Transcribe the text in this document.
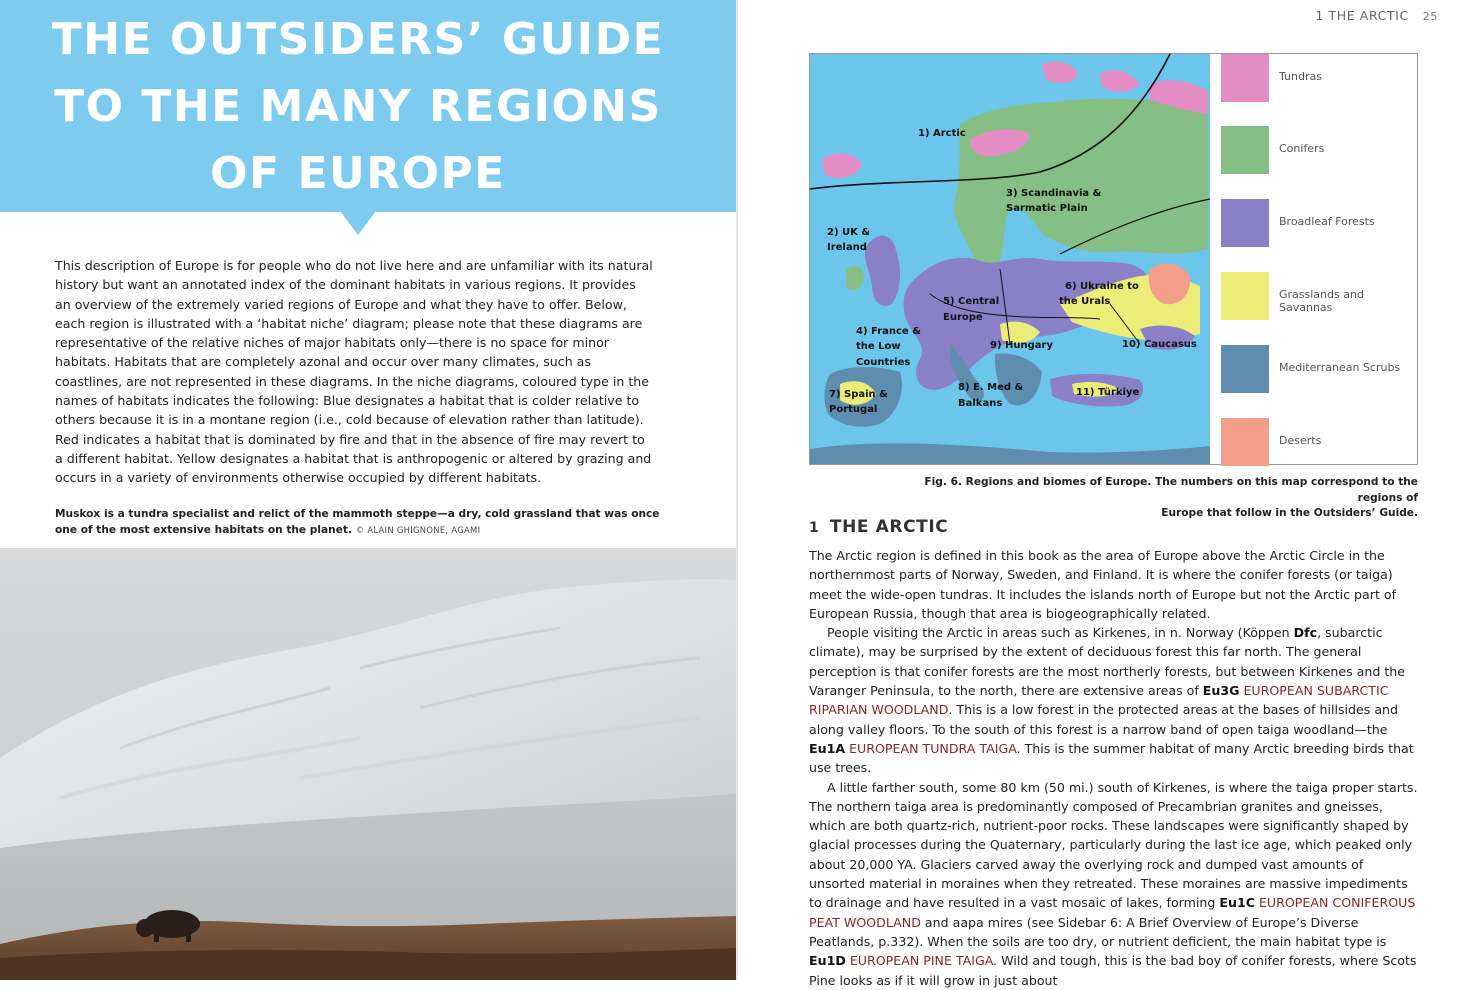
THE OUTSIDERS’ GUIDE
TO THE MANY REGIONS
OF EUROPE

This description of Europe is for people who do not live here and are unfamiliar with its natural history but want an annotated index of the dominant habitats in various regions. It provides an overview of the extremely varied regions of Europe and what they have to offer. Below, each region is illustrated with a ‘habitat niche’ diagram; please note that these diagrams are representative of the relative niches of major habitats only—there is no space for minor habitats. Habitats that are completely azonal and occur over many climates, such as coastlines, are not represented in these diagrams. In the niche diagrams, coloured type in the names of habitats indicates the following: Blue designates a habitat that is colder relative to others because it is in a montane region (i.e., cold because of elevation rather than latitude). Red indicates a habitat that is dominated by fire and that in the absence of fire may revert to a different habitat. Yellow designates a habitat that is anthropogenic or altered by grazing and occurs in a variety of environments otherwise occupied by different habitats.

Muskox is a tundra specialist and relict of the mammoth steppe—a dry, cold grassland that was once one of the most extensive habitats on the planet. © ALAIN GHIGNONE, AGAMI

1 THE ARCTIC 25
1) Arctic
3) Scandinavia &
Sarmatic Plain
2) UK &
Ireland
6) Ukraine to
the Urals
5) Central
Europe
4) France &
the Low
Countries
9) Hungary	10) Caucasus
7) Spain &
Portugal
8) E. Med &
Balkans
11) Türkiye
Tundras
Conifers
Broadleaf Forests
Grasslands and Savannas
Mediterranean Scrubs
Deserts

Fig. 6. Regions and biomes of Europe. The numbers on this map correspond to the regions of
Europe that follow in the Outsiders’ Guide.

1 THE ARCTIC

The Arctic region is defined in this book as the area of Europe above the Arctic Circle in the northernmost parts of Norway, Sweden, and Finland. It is where the conifer forests (or taiga) meet the wide-open tundras. It includes the islands north of Europe but not the Arctic part of European Russia, though that area is biogeographically related.

People visiting the Arctic in areas such as Kirkenes, in n. Norway (Köppen Dfc, subarctic climate), may be surprised by the extent of deciduous forest this far north. The general perception is that conifer forests are the most northerly forests, but between Kirkenes and the Varanger Peninsula, to the north, there are extensive areas of Eu3G EUROPEAN SUBARCTIC RIPARIAN WOODLAND. This is a low forest in the protected areas at the bases of hillsides and along valley floors. To the south of this forest is a narrow band of open taiga woodland—the Eu1A EUROPEAN TUNDRA TAIGA. This is the summer habitat of many Arctic breeding birds that use trees.

A little farther south, some 80 km (50 mi.) south of Kirkenes, is where the taiga proper starts. The northern taiga area is predominantly composed of Precambrian granites and gneisses, which are both quartz-rich, nutrient-poor rocks. These landscapes were significantly shaped by glacial processes during the Quaternary, particularly during the last ice age, which peaked only about 20,000 YA. Glaciers carved away the overlying rock and dumped vast amounts of unsorted material in moraines when they retreated. These moraines are massive impediments to drainage and have resulted in a vast mosaic of lakes, forming Eu1C EUROPEAN CONIFEROUS PEAT WOODLAND and aapa mires (see Sidebar 6: A Brief Overview of Europe’s Diverse Peatlands, p.332). When the soils are too dry, or nutrient deficient, the main habitat type is Eu1D EUROPEAN PINE TAIGA. Wild and tough, this is the bad boy of conifer forests, where Scots Pine looks as if it will grow in just about
